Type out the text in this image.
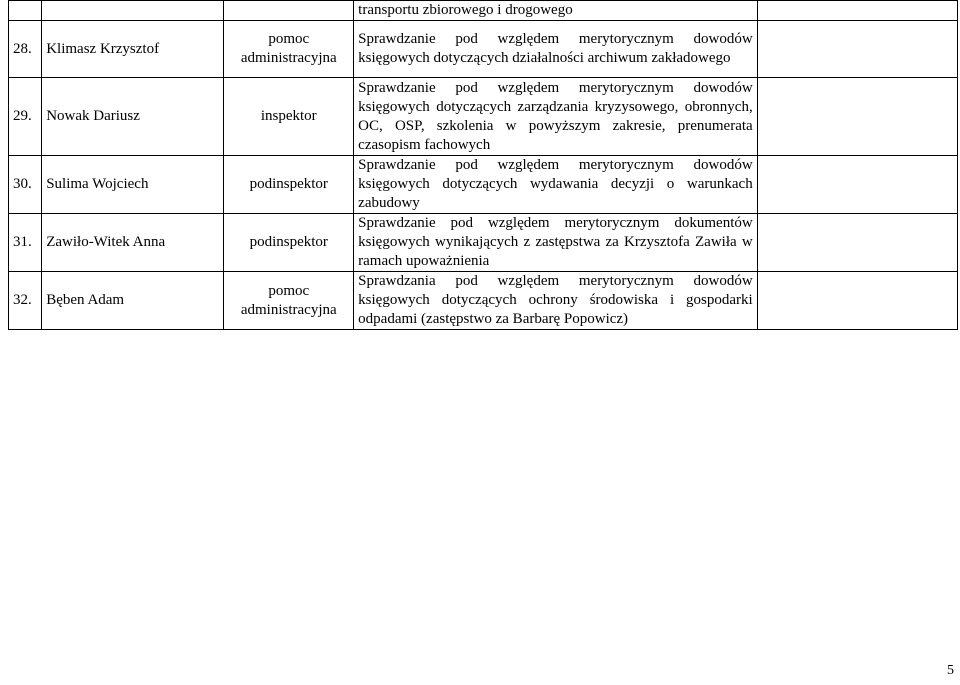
			transportu zbiorowego i drogowego	
28.	Klimasz Krzysztof	pomoc administracyjna	Sprawdzanie pod względem merytorycznym dowodów księgowych dotyczących działalności archiwum zakładowego	
29.	Nowak Dariusz	inspektor	Sprawdzanie pod względem merytorycznym dowodów księgowych dotyczących zarządzania kryzysowego, obronnych, OC, OSP, szkolenia w powyższym zakresie, prenumerata czasopism fachowych	
30.	Sulima Wojciech	podinspektor	Sprawdzanie pod względem merytorycznym dowodów księgowych dotyczących wydawania decyzji o warunkach zabudowy	
31.	Zawiło-Witek Anna	podinspektor	Sprawdzanie pod względem merytorycznym dokumentów księgowych wynikających z zastępstwa za Krzysztofa Zawiła w ramach upoważnienia	
32.	Bęben Adam	pomoc administracyjna	Sprawdzania pod względem merytorycznym dowodów księgowych dotyczących ochrony środowiska i gospodarki odpadami (zastępstwo za Barbarę Popowicz)	
5
